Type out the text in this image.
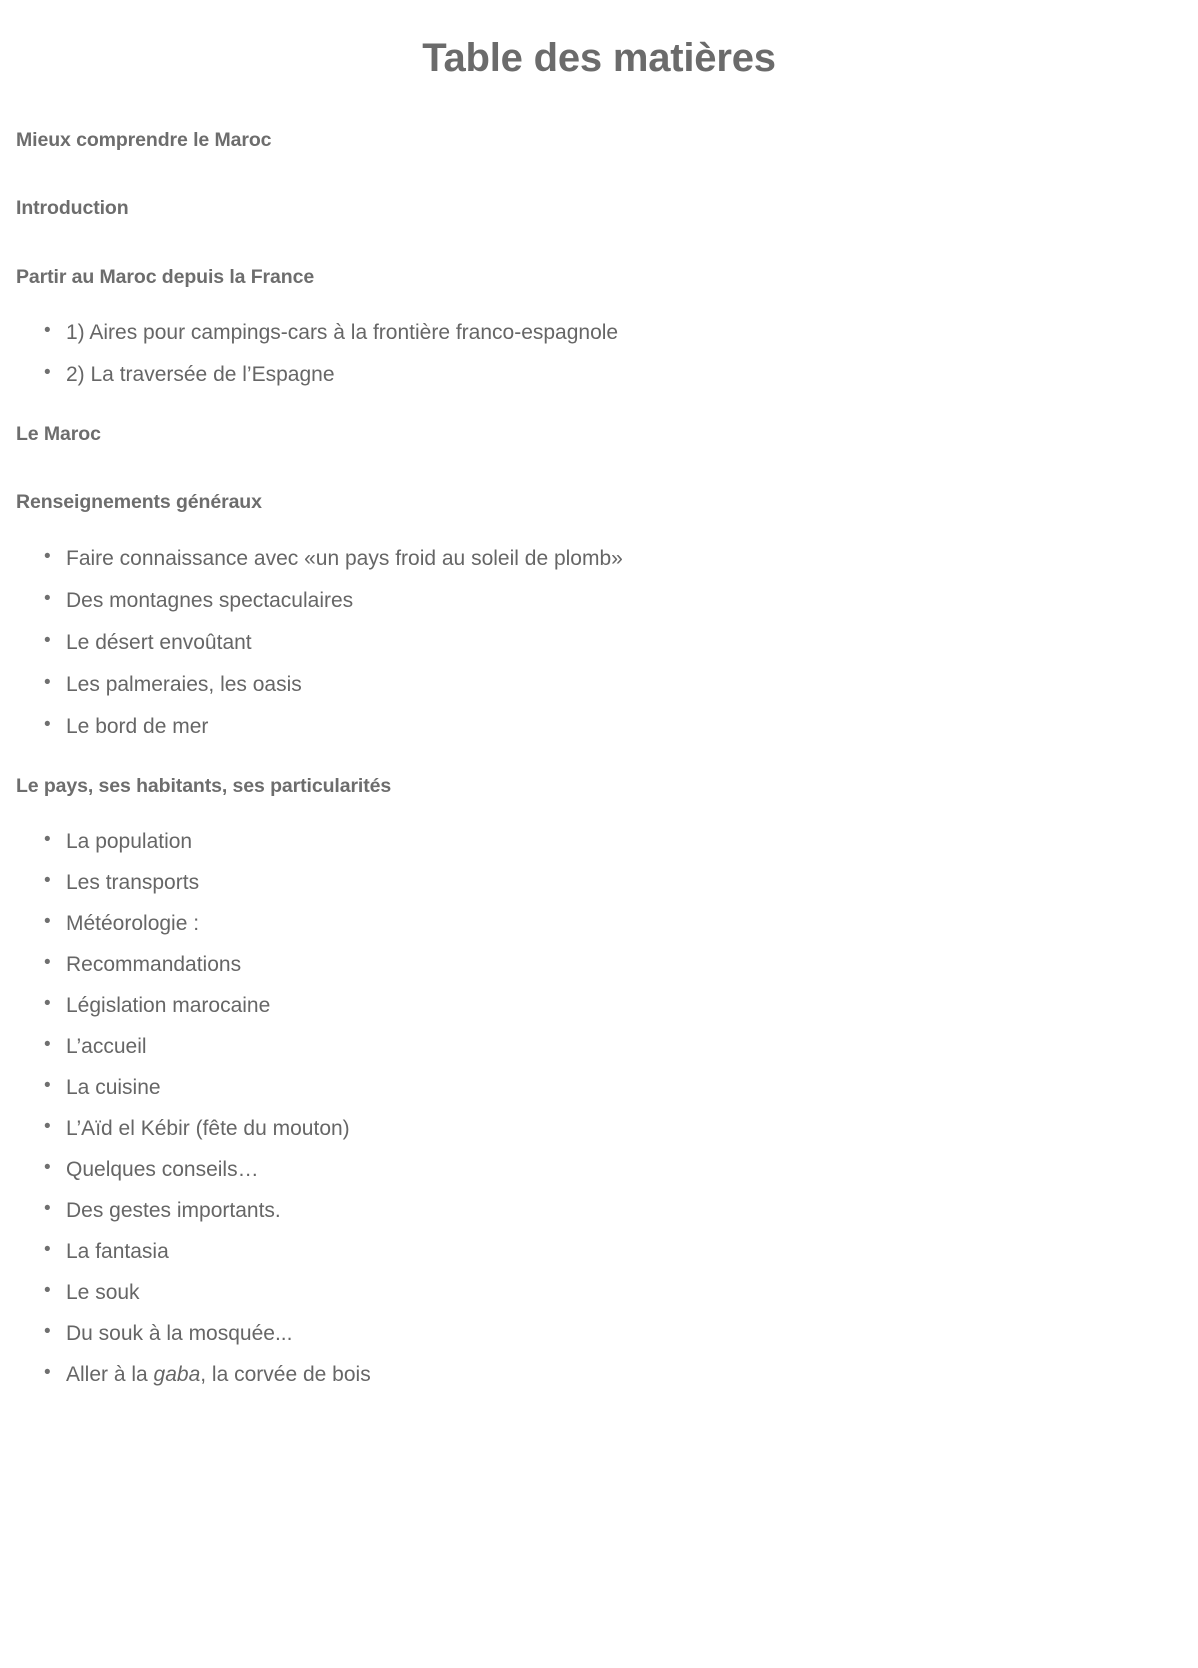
Table des matières
Mieux comprendre le Maroc
Introduction
Partir au Maroc depuis la France
• 1) Aires pour campings-cars à la frontière franco-espagnole
• 2) La traversée de l’Espagne
Le Maroc
Renseignements généraux
• Faire connaissance avec «un pays froid au soleil de plomb»
• Des montagnes spectaculaires
• Le désert envoûtant
• Les palmeraies, les oasis
• Le bord de mer
Le pays, ses habitants, ses particularités
• La population
• Les transports
• Météorologie :
• Recommandations
• Législation marocaine
• L’accueil
• La cuisine
• L’Aïd el Kébir (fête du mouton)
• Quelques conseils…
• Des gestes importants.
• La fantasia
• Le souk
• Du souk à la mosquée...
• Aller à la gaba, la corvée de bois
